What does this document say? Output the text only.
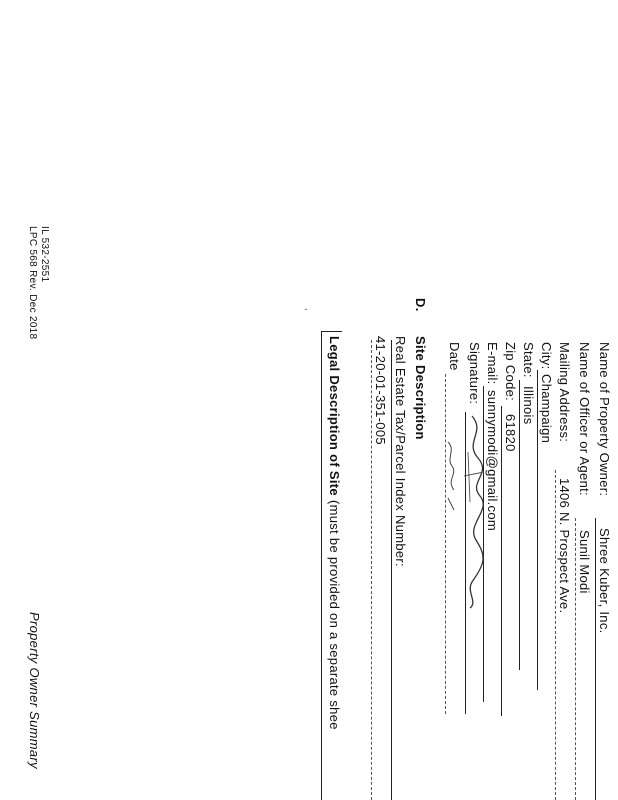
Name of Property Owner:
Shree Kuber, Inc.
Name of Officer or Agent:
Sunil Modi
Mailing Address:
1406 N. Prospect Ave.
City:
Champaign
State:
Illinois
Zip Code:
61820
E-mail:
sunnymodi@gmail.com
Signature:
Date
D.
Site Description
Real Estate Tax/Parcel Index Number:
41-20-01-351-005
Legal Description of Site
(must be provided on a separate shee
IL 532-2551
LPC 568 Rev. Dec 2018
Property Owner Summary
,
